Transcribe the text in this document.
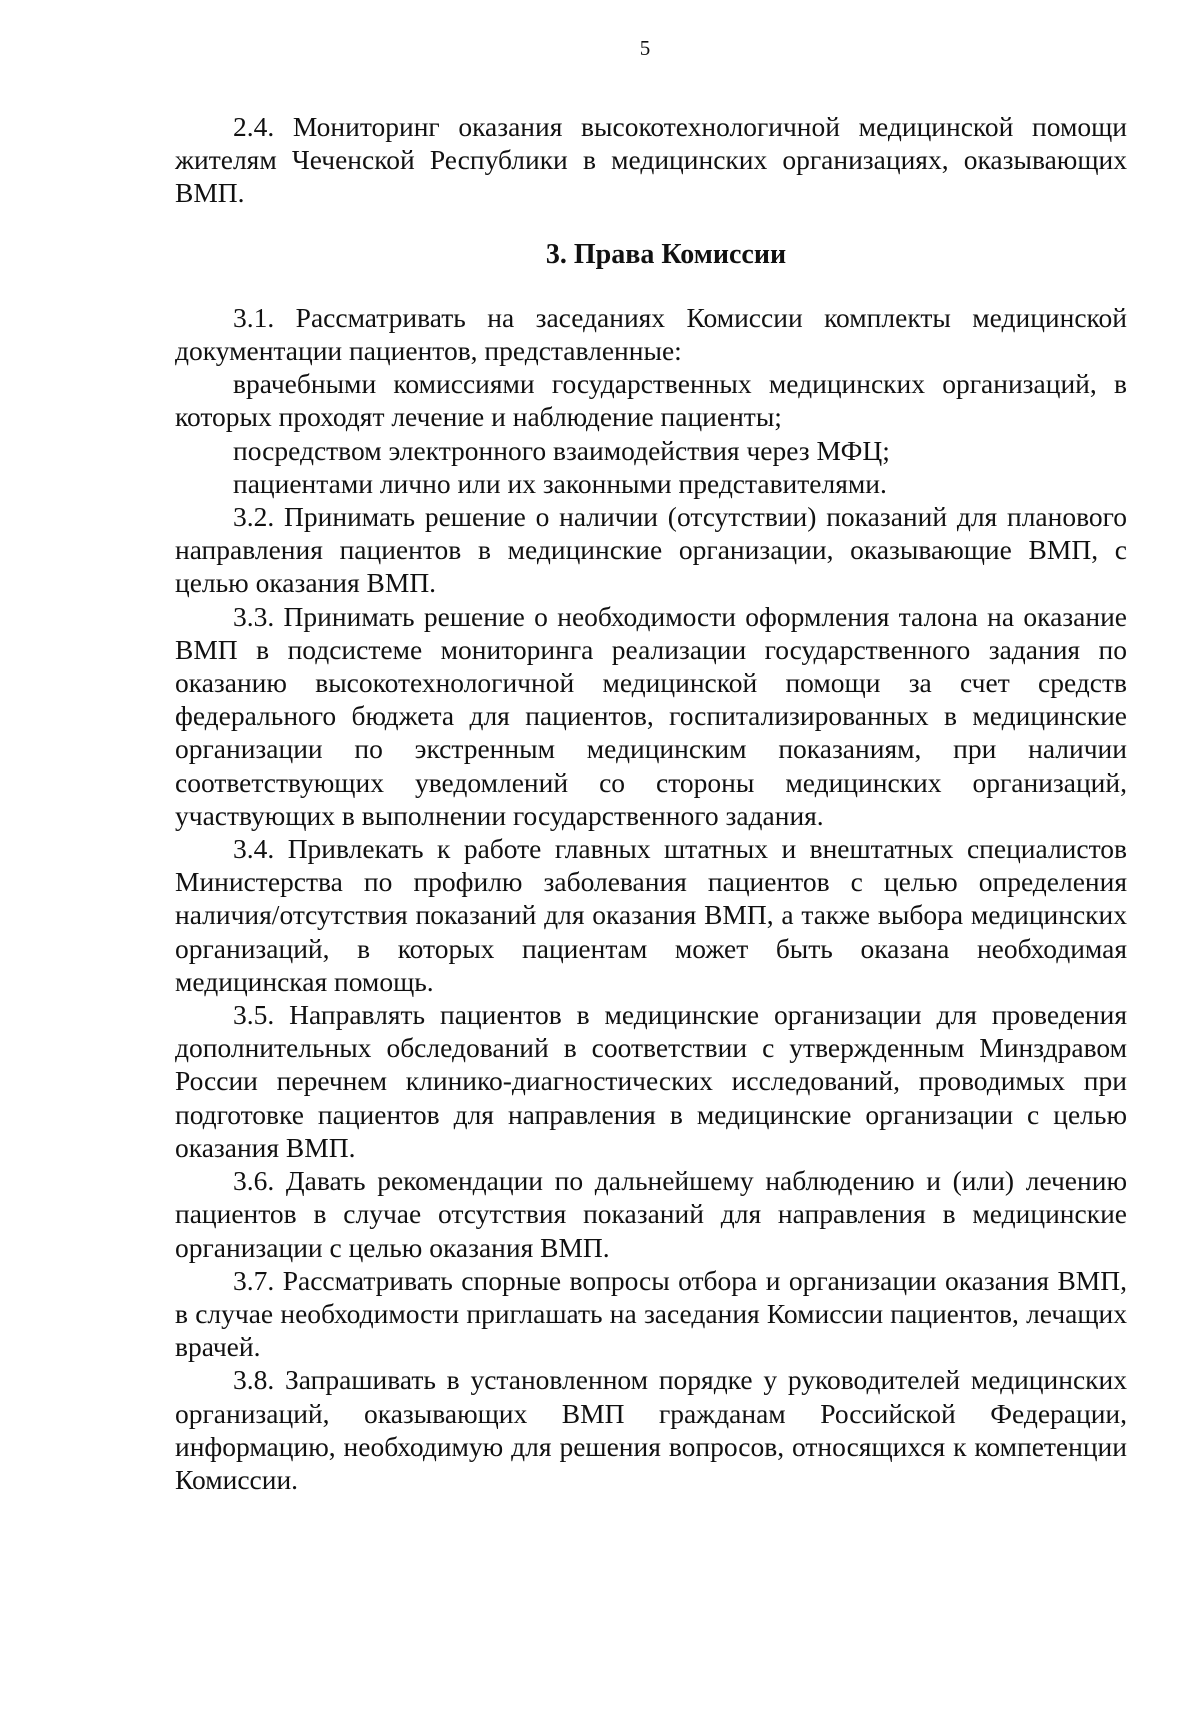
5

2.4. Мониторинг оказания высокотехнологичной медицинской помощи жителям Чеченской Республики в медицинских организациях, оказывающих ВМП.

3. Права Комиссии

3.1. Рассматривать на заседаниях Комиссии комплекты медицинской документации пациентов, представленные:

врачебными комиссиями государственных медицинских организаций, в которых проходят лечение и наблюдение пациенты;

посредством электронного взаимодействия через МФЦ;

пациентами лично или их законными представителями.

3.2. Принимать решение о наличии (отсутствии) показаний для планового направления пациентов в медицинские организации, оказывающие ВМП, с целью оказания ВМП.

3.3. Принимать решение о необходимости оформления талона на оказание ВМП в подсистеме мониторинга реализации государственного задания по оказанию высокотехнологичной медицинской помощи за счет средств федерального бюджета для пациентов, госпитализированных в медицинские организации по экстренным медицинским показаниям, при наличии соответствующих уведомлений со стороны медицинских организаций, участвующих в выполнении государственного задания.

3.4. Привлекать к работе главных штатных и внештатных специалистов Министерства по профилю заболевания пациентов с целью определения наличия/отсутствия показаний для оказания ВМП, а также выбора медицинских организаций, в которых пациентам может быть оказана необходимая медицинская помощь.

3.5. Направлять пациентов в медицинские организации для проведения дополнительных обследований в соответствии с утвержденным Минздравом России перечнем клинико-диагностических исследований, проводимых при подготовке пациентов для направления в медицинские организации с целью оказания ВМП.

3.6. Давать рекомендации по дальнейшему наблюдению и (или) лечению пациентов в случае отсутствия показаний для направления в медицинские организации с целью оказания ВМП.

3.7. Рассматривать спорные вопросы отбора и организации оказания ВМП, в случае необходимости приглашать на заседания Комиссии пациентов, лечащих врачей.

3.8. Запрашивать в установленном порядке у руководителей медицинских организаций, оказывающих ВМП гражданам Российской Федерации, информацию, необходимую для решения вопросов, относящихся к компетенции Комиссии.
